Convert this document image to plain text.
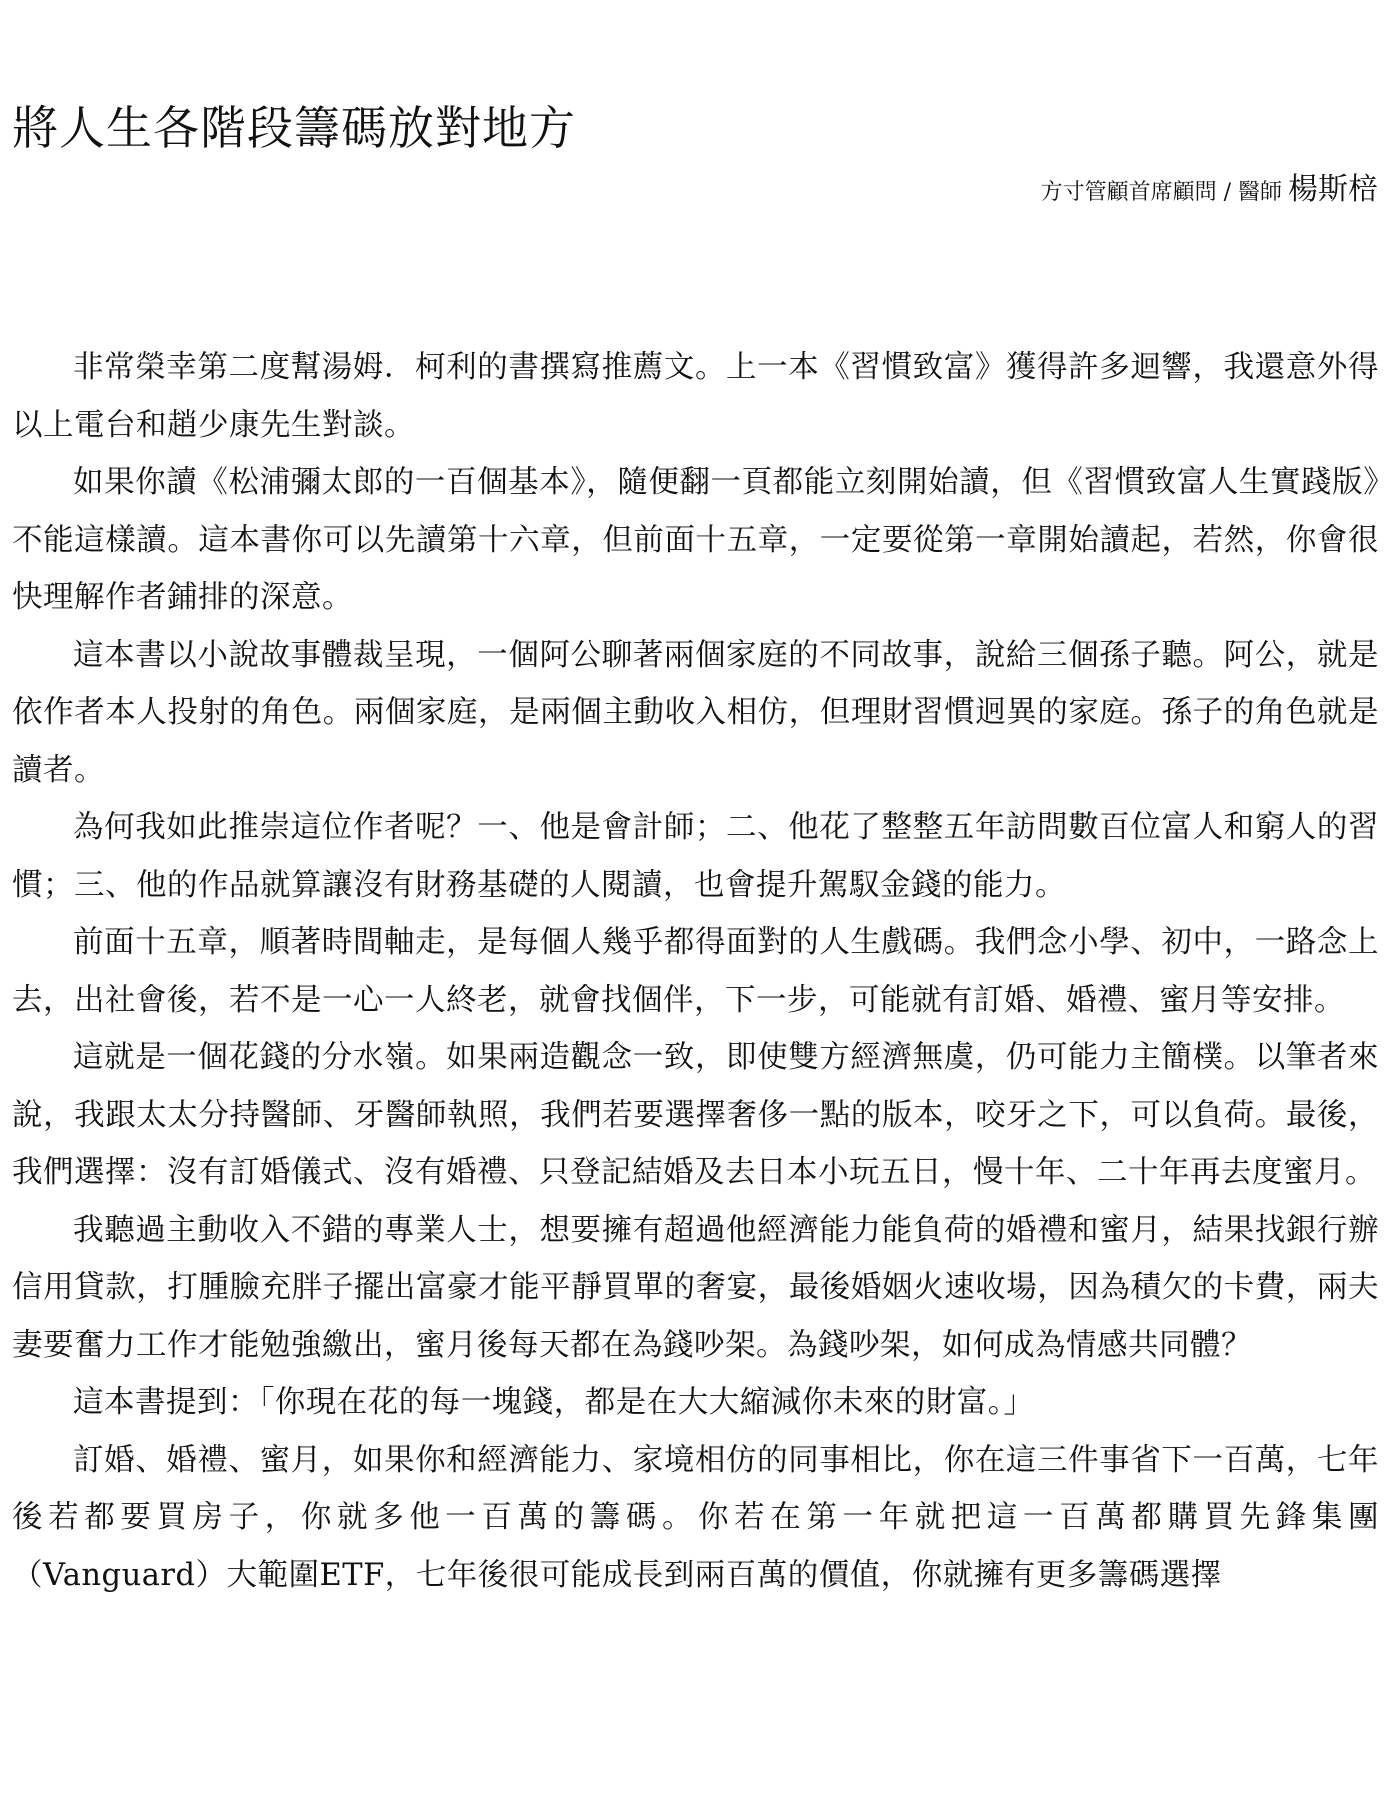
將人生各階段籌碼放對地方
方寸管顧首席顧問 / 醫師 楊斯棓

非常榮幸第二度幫湯姆．柯利的書撰寫推薦文。上一本《習慣致富》獲得許多迴響，我還意外得以上電台和趙少康先生對談。

如果你讀《松浦彌太郎的一百個基本》，隨便翻一頁都能立刻開始讀，但《習慣致富人生實踐版》不能這樣讀。這本書你可以先讀第十六章，但前面十五章，一定要從第一章開始讀起，若然，你會很快理解作者鋪排的深意。

這本書以小說故事體裁呈現，一個阿公聊著兩個家庭的不同故事，說給三個孫子聽。阿公，就是依作者本人投射的角色。兩個家庭，是兩個主動收入相仿，但理財習慣迥異的家庭。孫子的角色就是讀者。

為何我如此推崇這位作者呢？一、他是會計師；二、他花了整整五年訪問數百位富人和窮人的習慣；三、他的作品就算讓沒有財務基礎的人閱讀，也會提升駕馭金錢的能力。

前面十五章，順著時間軸走，是每個人幾乎都得面對的人生戲碼。我們念小學、初中，一路念上去，出社會後，若不是一心一人終老，就會找個伴，下一步，可能就有訂婚、婚禮、蜜月等安排。

這就是一個花錢的分水嶺。如果兩造觀念一致，即使雙方經濟無虞，仍可能力主簡樸。以筆者來說，我跟太太分持醫師、牙醫師執照，我們若要選擇奢侈一點的版本，咬牙之下，可以負荷。最後，我們選擇：沒有訂婚儀式、沒有婚禮、只登記結婚及去日本小玩五日，慢十年、二十年再去度蜜月。

我聽過主動收入不錯的專業人士，想要擁有超過他經濟能力能負荷的婚禮和蜜月，結果找銀行辦信用貸款，打腫臉充胖子擺出富豪才能平靜買單的奢宴，最後婚姻火速收場，因為積欠的卡費，兩夫妻要奮力工作才能勉強繳出，蜜月後每天都在為錢吵架。為錢吵架，如何成為情感共同體？

這本書提到：「你現在花的每一塊錢，都是在大大縮減你未來的財富。」

訂婚、婚禮、蜜月，如果你和經濟能力、家境相仿的同事相比，你在這三件事省下一百萬，七年後若都要買房子，你就多他一百萬的籌碼。你若在第一年就把這一百萬都購買先鋒集團（Vanguard）大範圍ETF，七年後很可能成長到兩百萬的價值，你就擁有更多籌碼選擇
